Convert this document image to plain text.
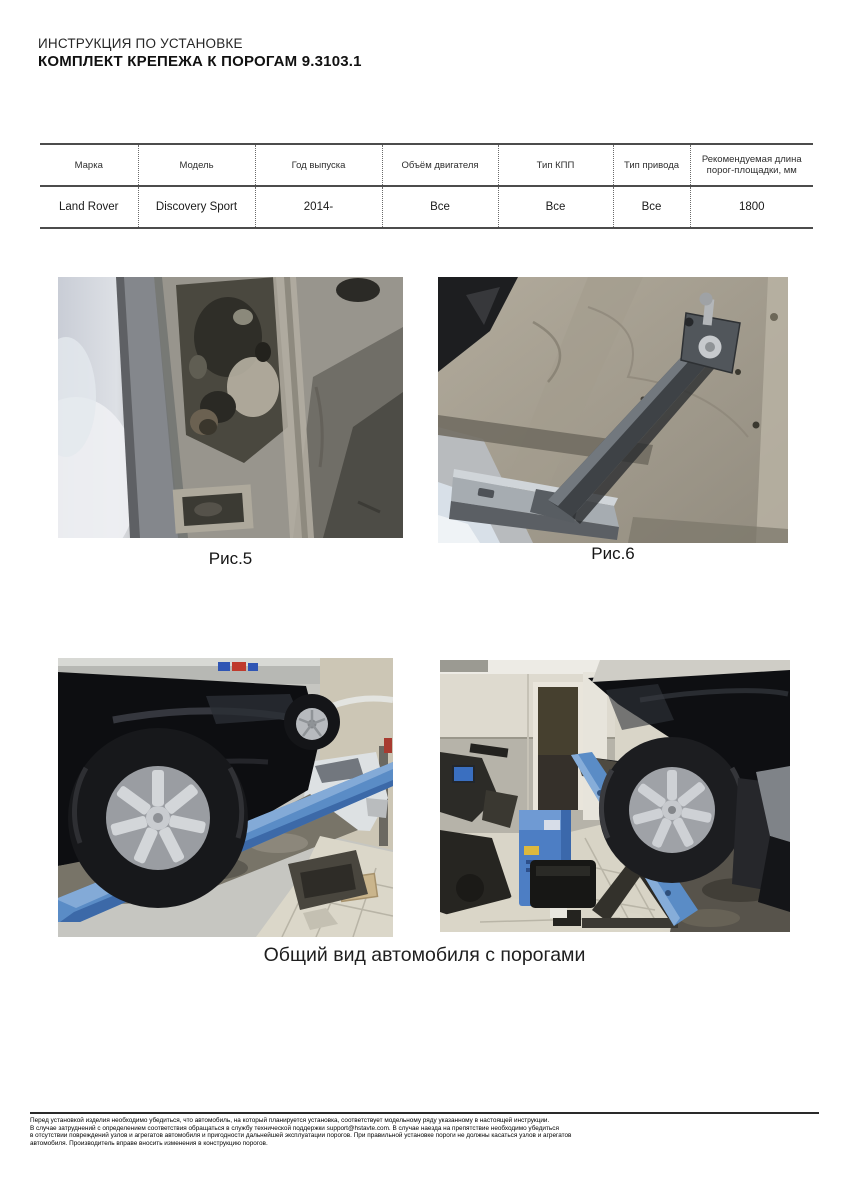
ИНСТРУКЦИЯ ПО УСТАНОВКЕ
КОМПЛЕКТ КРЕПЕЖА К ПОРОГАМ 9.3103.1
Марка	Модель	Год выпуска	Объём двигателя	Тип КПП	Тип привода	Рекомендуемая длина порог-площадки, мм
Land Rover	Discovery Sport	2014-	Все	Все	Все	1800
Рис.5	Рис.6
Общий вид автомобиля с порогами
Перед установкой изделия необходимо убедиться, что автомобиль, на который планируется установка, соответствует модельному ряду указанному в настоящей инструкции.
В случае затруднений с определением соответствия обращаться в службу технической поддержки support@hstavte.com. В случае наезда на препятствие необходимо убедиться
в отсутствии повреждений узлов и агрегатов автомобиля и пригодности дальнейшей эксплуатации порогов. При правильной установке пороги не должны касаться узлов и агрегатов
автомобиля. Производитель вправе вносить изменения в конструкцию порогов.
